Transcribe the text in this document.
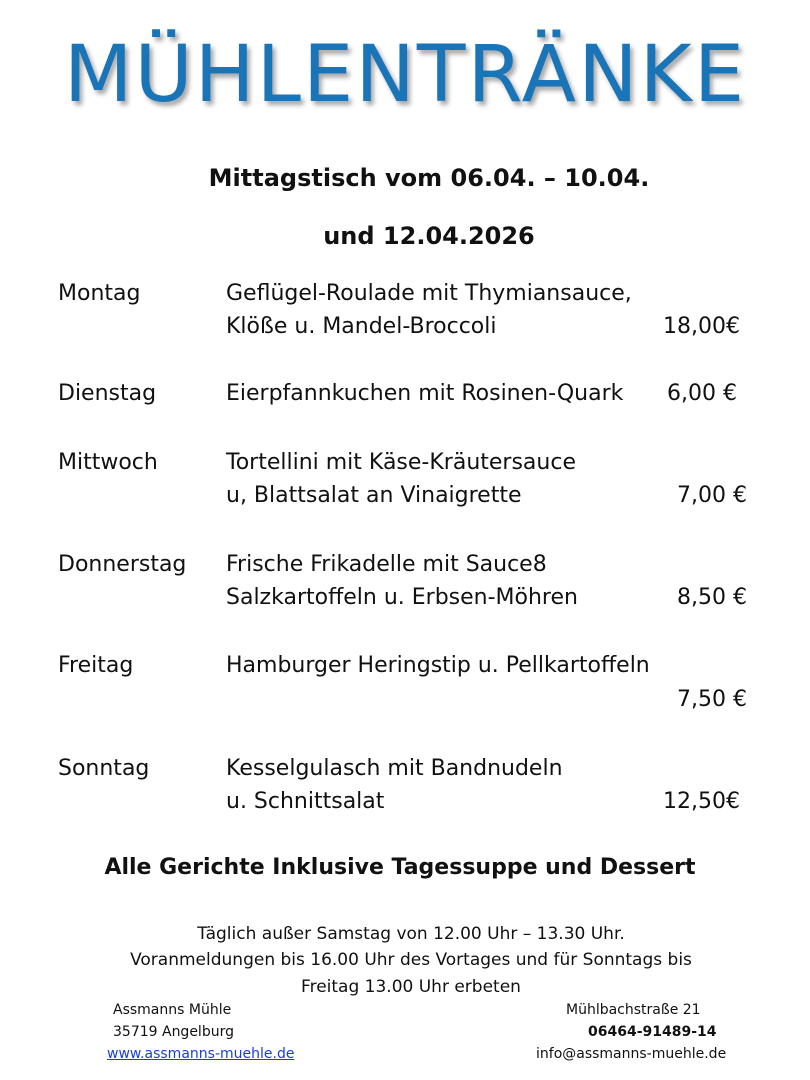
MÜHLENTRÄNKE
Mittagstisch vom 06.04. – 10.04.
und 12.04.2026
Montag	Geflügel-Roulade mit Thymiansauce,
Klöße u. Mandel-Broccoli	18,00€
Dienstag	Eierpfannkuchen mit Rosinen-Quark 6,00 €
Mittwoch	Tortellini mit Käse-Kräutersauce
u, Blattsalat an Vinaigrette	7,00 €
Donnerstag Frische Frikadelle mit Sauce8
Salzkartoffeln u. Erbsen-Möhren	8,50 €
Freitag	Hamburger Heringstip u. Pellkartoffeln
7,50 €
Sonntag	Kesselgulasch mit Bandnudeln
u. Schnittsalat	12,50€
Alle Gerichte Inklusive Tagessuppe und Dessert
Täglich außer Samstag von 12.00 Uhr – 13.30 Uhr.
Voranmeldungen bis 16.00 Uhr des Vortages und für Sonntags bis
Freitag 13.00 Uhr erbeten
Assmanns Mühle
35719 Angelburg
www.assmanns-muehle.de
Mühlbachstraße 21
06464-91489-14
info@assmanns-muehle.de
